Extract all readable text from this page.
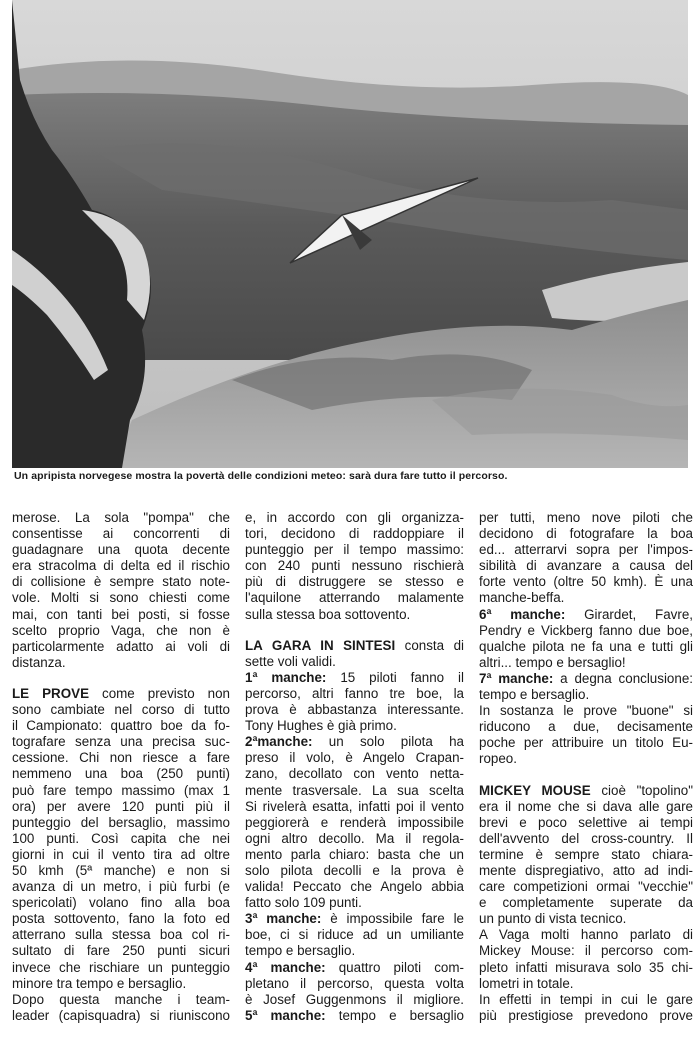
Un apripista norvegese mostra la povertà delle condizioni meteo: sarà dura fare tutto il percorso.

merose. La sola "pompa" che
consentisse ai concorrenti di
guadagnare una quota decente
era stracolma di delta ed il rischio
di collisione è sempre stato note-
vole. Molti si sono chiesti come
mai, con tanti bei posti, si fosse
scelto proprio Vaga, che non è
particolarmente adatto ai voli di
distanza.

LE PROVE come previsto non
sono cambiate nel corso di tutto
il Campionato: quattro boe da fo-
tografare senza una precisa suc-
cessione. Chi non riesce a fare
nemmeno una boa (250 punti)
può fare tempo massimo (max 1
ora) per avere 120 punti più il
punteggio del bersaglio, massimo
100 punti. Così capita che nei
giorni in cui il vento tira ad oltre
50 kmh (5ª manche) e non si
avanza di un metro, i più furbi (e
spericolati) volano fino alla boa
posta sottovento, fano la foto ed
atterrano sulla stessa boa col ri-
sultato di fare 250 punti sicuri
invece che rischiare un punteggio
minore tra tempo e bersaglio.
Dopo questa manche i team-
leader (capisquadra) si riuniscono

e, in accordo con gli organizza-
tori, decidono di raddoppiare il
punteggio per il tempo massimo:
con 240 punti nessuno rischierà
più di distruggere se stesso e
l'aquilone atterrando malamente
sulla stessa boa sottovento.

LA GARA IN SINTESI consta di
sette voli validi.
1ª manche: 15 piloti fanno il
percorso, altri fanno tre boe, la
prova è abbastanza interessante.
Tony Hughes è già primo.
2ªmanche: un solo pilota ha
preso il volo, è Angelo Crapan-
zano, decollato con vento netta-
mente trasversale. La sua scelta
Si rivelerà esatta, infatti poi il vento
peggiorerà e renderà impossibile
ogni altro decollo. Ma il regola-
mento parla chiaro: basta che un
solo pilota decolli e la prova è
valida! Peccato che Angelo abbia
fatto solo 109 punti.
3ª manche: è impossibile fare le
boe, ci si riduce ad un umiliante
tempo e bersaglio.
4ª manche: quattro piloti com-
pletano il percorso, questa volta
è Josef Guggenmons il migliore.
5ª manche: tempo e bersaglio

per tutti, meno nove piloti che
decidono di fotografare la boa
ed... atterrarvi sopra per l'impos-
sibilità di avanzare a causa del
forte vento (oltre 50 kmh). È una
manche-beffa.
6ª manche: Girardet, Favre,
Pendry e Vickberg fanno due boe,
qualche pilota ne fa una e tutti gli
altri... tempo e bersaglio!
7ª manche: a degna conclusione:
tempo e bersaglio.
In sostanza le prove "buone" si
riducono a due, decisamente
poche per attribuire un titolo Eu-
ropeo.

MICKEY MOUSE cioè "topolino"
era il nome che si dava alle gare
brevi e poco selettive ai tempi
dell'avvento del cross-country. Il
termine è sempre stato chiara-
mente dispregiativo, atto ad indi-
care competizioni ormai "vecchie"
e completamente superate da
un punto di vista tecnico.
A Vaga molti hanno parlato di
Mickey Mouse: il percorso com-
pleto infatti misurava solo 35 chi-
lometri in totale.
In effetti in tempi in cui le gare
più prestigiose prevedono prove
